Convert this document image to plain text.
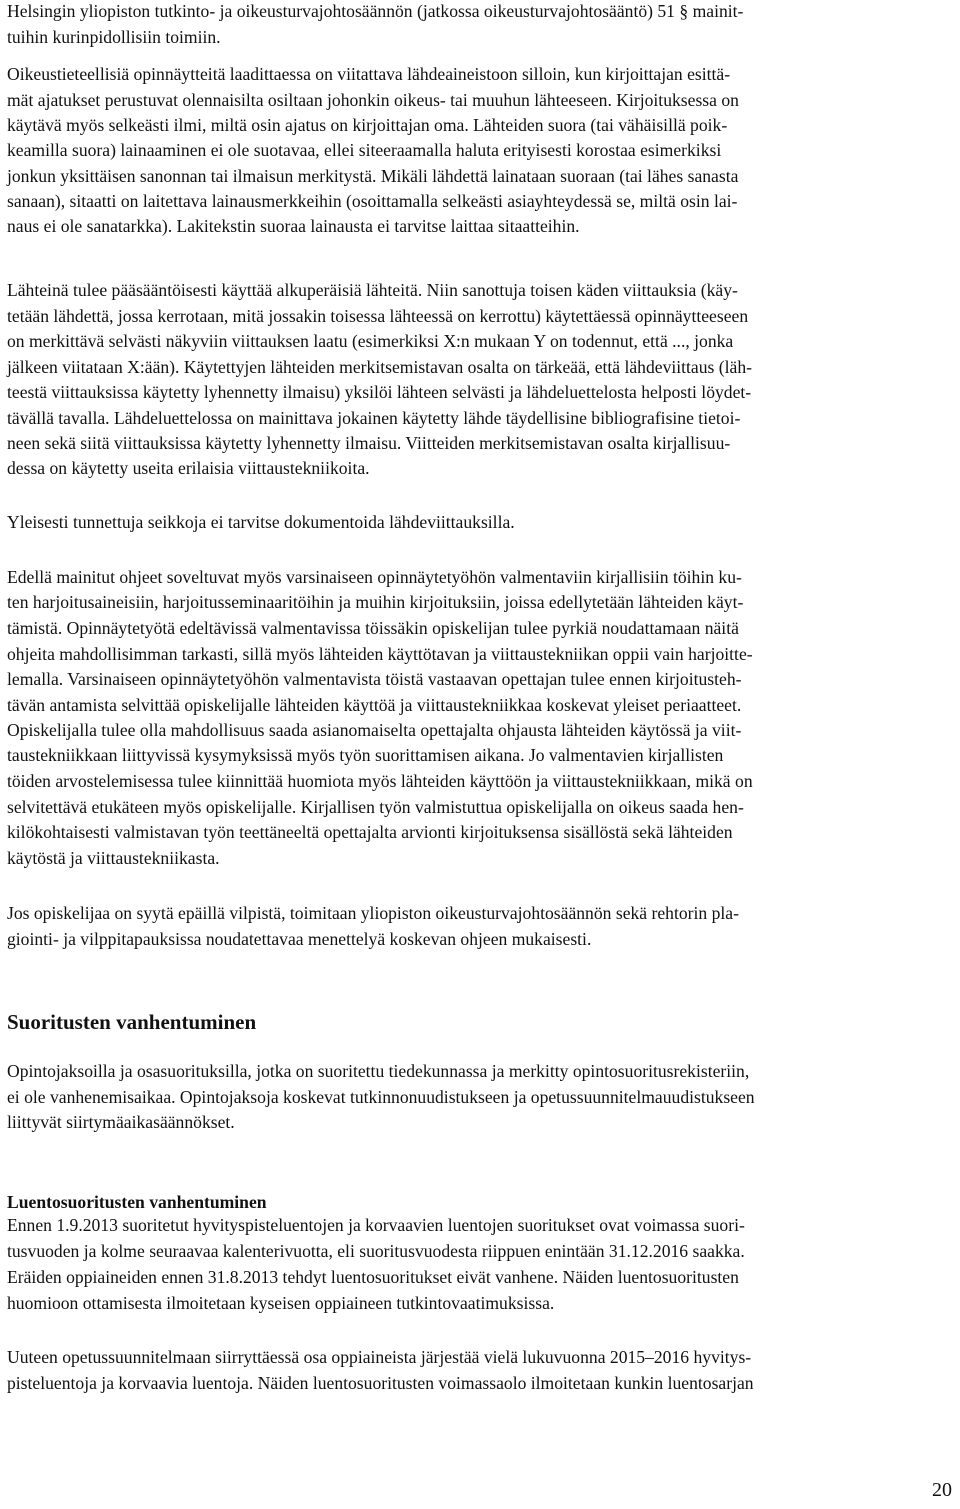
Helsingin yliopiston tutkinto- ja oikeusturvajohtosäännön (jatkossa oikeusturvajohtosääntö) 51 § mainit-
tuihin kurinpidollisiin toimiin.
Oikeustieteellisiä opinnäytteitä laadittaessa on viitattava lähdeaineistoon silloin, kun kirjoittajan esittä-
mät ajatukset perustuvat olennaisilta osiltaan johonkin oikeus- tai muuhun lähteeseen. Kirjoituksessa on
käytävä myös selkeästi ilmi, miltä osin ajatus on kirjoittajan oma. Lähteiden suora (tai vähäisillä poik-
keamilla suora) lainaaminen ei ole suotavaa, ellei siteeraamalla haluta erityisesti korostaa esimerkiksi
jonkun yksittäisen sanonnan tai ilmaisun merkitystä. Mikäli lähdettä lainataan suoraan (tai lähes sanasta
sanaan), sitaatti on laitettava lainausmerkkeihin (osoittamalla selkeästi asiayhteydessä se, miltä osin lai-
naus ei ole sanatarkka). Lakitekstin suoraa lainausta ei tarvitse laittaa sitaatteihin.
Lähteinä tulee pääsääntöisesti käyttää alkuperäisiä lähteitä. Niin sanottuja toisen käden viittauksia (käy-
tetään lähdettä, jossa kerrotaan, mitä jossakin toisessa lähteessä on kerrottu) käytettäessä opinnäytteeseen
on merkittävä selvästi näkyviin viittauksen laatu (esimerkiksi X:n mukaan Y on todennut, että ..., jonka
jälkeen viitataan X:ään). Käytettyjen lähteiden merkitsemistavan osalta on tärkeää, että lähdeviittaus (läh-
teestä viittauksissa käytetty lyhennetty ilmaisu) yksilöi lähteen selvästi ja lähdeluettelosta helposti löydet-
tävällä tavalla. Lähdeluettelossa on mainittava jokainen käytetty lähde täydellisine bibliografisine tietoi-
neen sekä siitä viittauksissa käytetty lyhennetty ilmaisu. Viitteiden merkitsemistavan osalta kirjallisuu-
dessa on käytetty useita erilaisia viittaustekniikoita.
Yleisesti tunnettuja seikkoja ei tarvitse dokumentoida lähdeviittauksilla.
Edellä mainitut ohjeet soveltuvat myös varsinaiseen opinnäytetyöhön valmentaviin kirjallisiin töihin ku-
ten harjoitusaineisiin, harjoitusseminaaritöihin ja muihin kirjoituksiin, joissa edellytetään lähteiden käyt-
tämistä. Opinnäytetyötä edeltävissä valmentavissa töissäkin opiskelijan tulee pyrkiä noudattamaan näitä
ohjeita mahdollisimman tarkasti, sillä myös lähteiden käyttötavan ja viittaustekniikan oppii vain harjoitte-
lemalla. Varsinaiseen opinnäytetyöhön valmentavista töistä vastaavan opettajan tulee ennen kirjoitusteh-
tävän antamista selvittää opiskelijalle lähteiden käyttöä ja viittaustekniikkaa koskevat yleiset periaatteet.
Opiskelijalla tulee olla mahdollisuus saada asianomaiselta opettajalta ohjausta lähteiden käytössä ja viit-
taustekniikkaan liittyvissä kysymyksissä myös työn suorittamisen aikana. Jo valmentavien kirjallisten
töiden arvostelemisessa tulee kiinnittää huomiota myös lähteiden käyttöön ja viittaustekniikkaan, mikä on
selvitettävä etukäteen myös opiskelijalle. Kirjallisen työn valmistuttua opiskelijalla on oikeus saada hen-
kilökohtaisesti valmistavan työn teettäneeltä opettajalta arvionti kirjoituksensa sisällöstä sekä lähteiden
käytöstä ja viittaustekniikasta.
Jos opiskelijaa on syytä epäillä vilpistä, toimitaan yliopiston oikeusturvajohtosäännön sekä rehtorin pla-
giointi- ja vilppitapauksissa noudatettavaa menettelyä koskevan ohjeen mukaisesti.
Suoritusten vanhentuminen
Opintojaksoilla ja osasuorituksilla, jotka on suoritettu tiedekunnassa ja merkitty opintosuoritusrekisteriin,
ei ole vanhenemisaikaa. Opintojaksoja koskevat tutkinnonuudistukseen ja opetussuunnitelmauudistukseen
liittyvät siirtymäaikasäännökset.
Luentosuoritusten vanhentuminen
Ennen 1.9.2013 suoritetut hyvityspisteluentojen ja korvaavien luentojen suoritukset ovat voimassa suori-
tusvuoden ja kolme seuraavaa kalenterivuotta, eli suoritusvuodesta riippuen enintään 31.12.2016 saakka.
Eräiden oppiaineiden ennen 31.8.2013 tehdyt luentosuoritukset eivät vanhene. Näiden luentosuoritusten
huomioon ottamisesta ilmoitetaan kyseisen oppiaineen tutkintovaatimuksissa.
Uuteen opetussuunnitelmaan siirryttäessä osa oppiaineista järjestää vielä lukuvuonna 2015–2016 hyvitys-
pisteluentoja ja korvaavia luentoja. Näiden luentosuoritusten voimassaolo ilmoitetaan kunkin luentosarjan
20
